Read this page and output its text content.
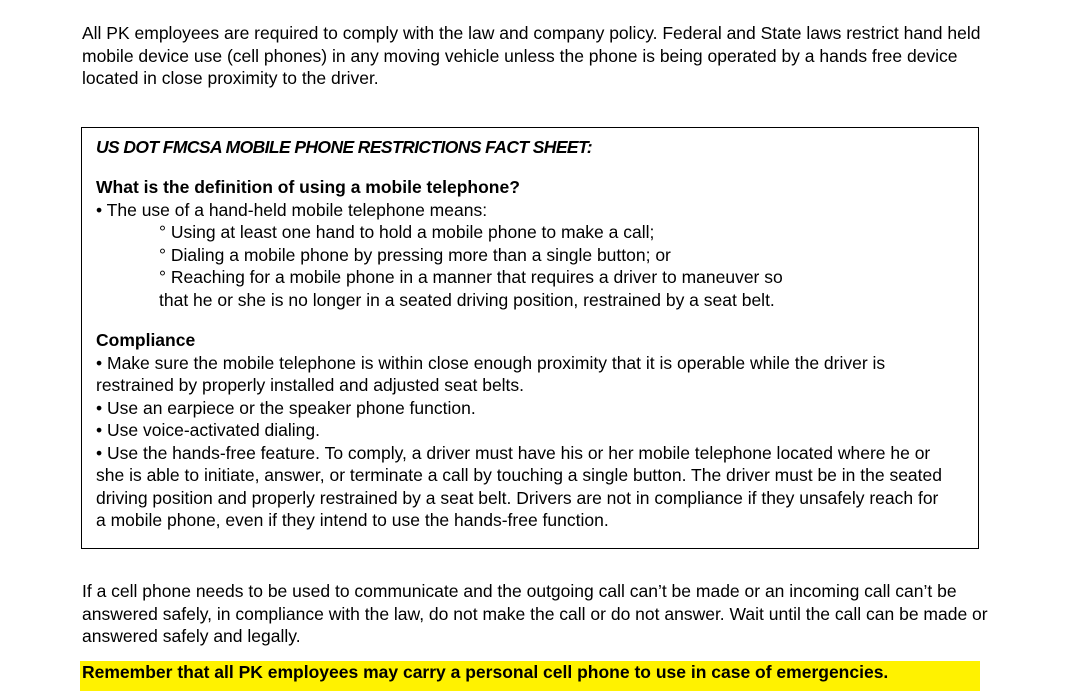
All PK employees are required to comply with the law and company policy. Federal and State laws restrict hand held mobile device use (cell phones) in any moving vehicle unless the phone is being operated by a hands free device located in close proximity to the driver.

US DOT FMCSA MOBILE PHONE RESTRICTIONS FACT SHEET:

What is the definition of using a mobile telephone?

• The use of a hand-held mobile telephone means:

° Using at least one hand to hold a mobile phone to make a call;

° Dialing a mobile phone by pressing more than a single button; or

° Reaching for a mobile phone in a manner that requires a driver to maneuver so that he or she is no longer in a seated driving position, restrained by a seat belt.

Compliance

• Make sure the mobile telephone is within close enough proximity that it is operable while the driver is restrained by properly installed and adjusted seat belts.

• Use an earpiece or the speaker phone function.

• Use voice-activated dialing.

• Use the hands-free feature. To comply, a driver must have his or her mobile telephone located where he or she is able to initiate, answer, or terminate a call by touching a single button. The driver must be in the seated driving position and properly restrained by a seat belt. Drivers are not in compliance if they unsafely reach for a mobile phone, even if they intend to use the hands-free function.

If a cell phone needs to be used to communicate and the outgoing call can’t be made or an incoming call can’t be answered safely, in compliance with the law, do not make the call or do not answer. Wait until the call can be made or answered safely and legally.

Remember that all PK employees may carry a personal cell phone to use in case of emergencies.
